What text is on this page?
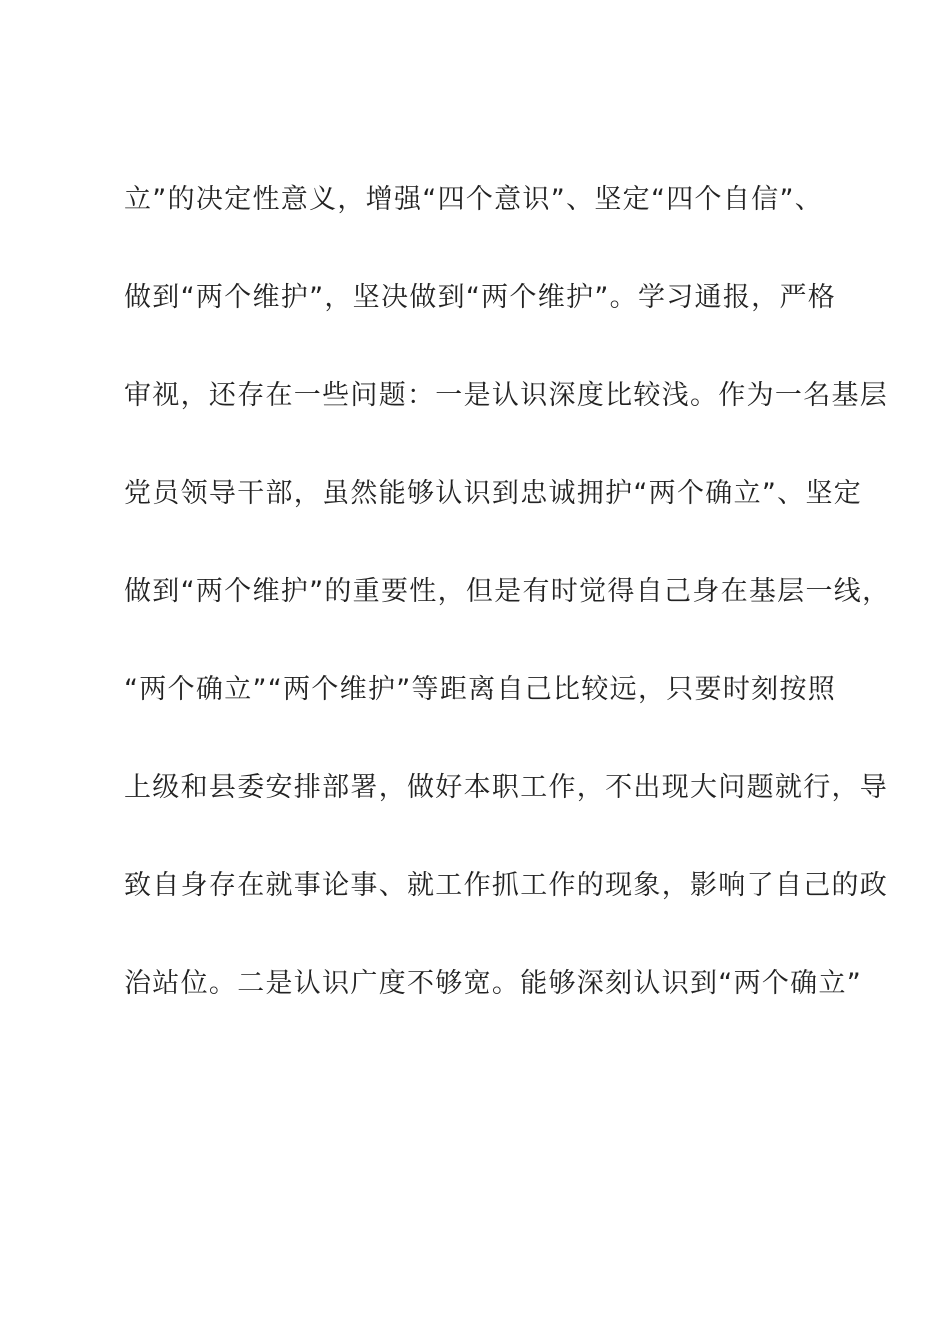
立”的决定性意义，增强“四个意识”、坚定“四个自信”、
做到“两个维护”，坚决做到“两个维护”。学习通报，严格
审视，还存在一些问题：一是认识深度比较浅。作为一名基层
党员领导干部，虽然能够认识到忠诚拥护“两个确立”、坚定
做到“两个维护”的重要性，但是有时觉得自己身在基层一线，
“两个确立”“两个维护”等距离自己比较远，只要时刻按照
上级和县委安排部署，做好本职工作，不出现大问题就行，导
致自身存在就事论事、就工作抓工作的现象，影响了自己的政
治站位。二是认识广度不够宽。能够深刻认识到“两个确立”
